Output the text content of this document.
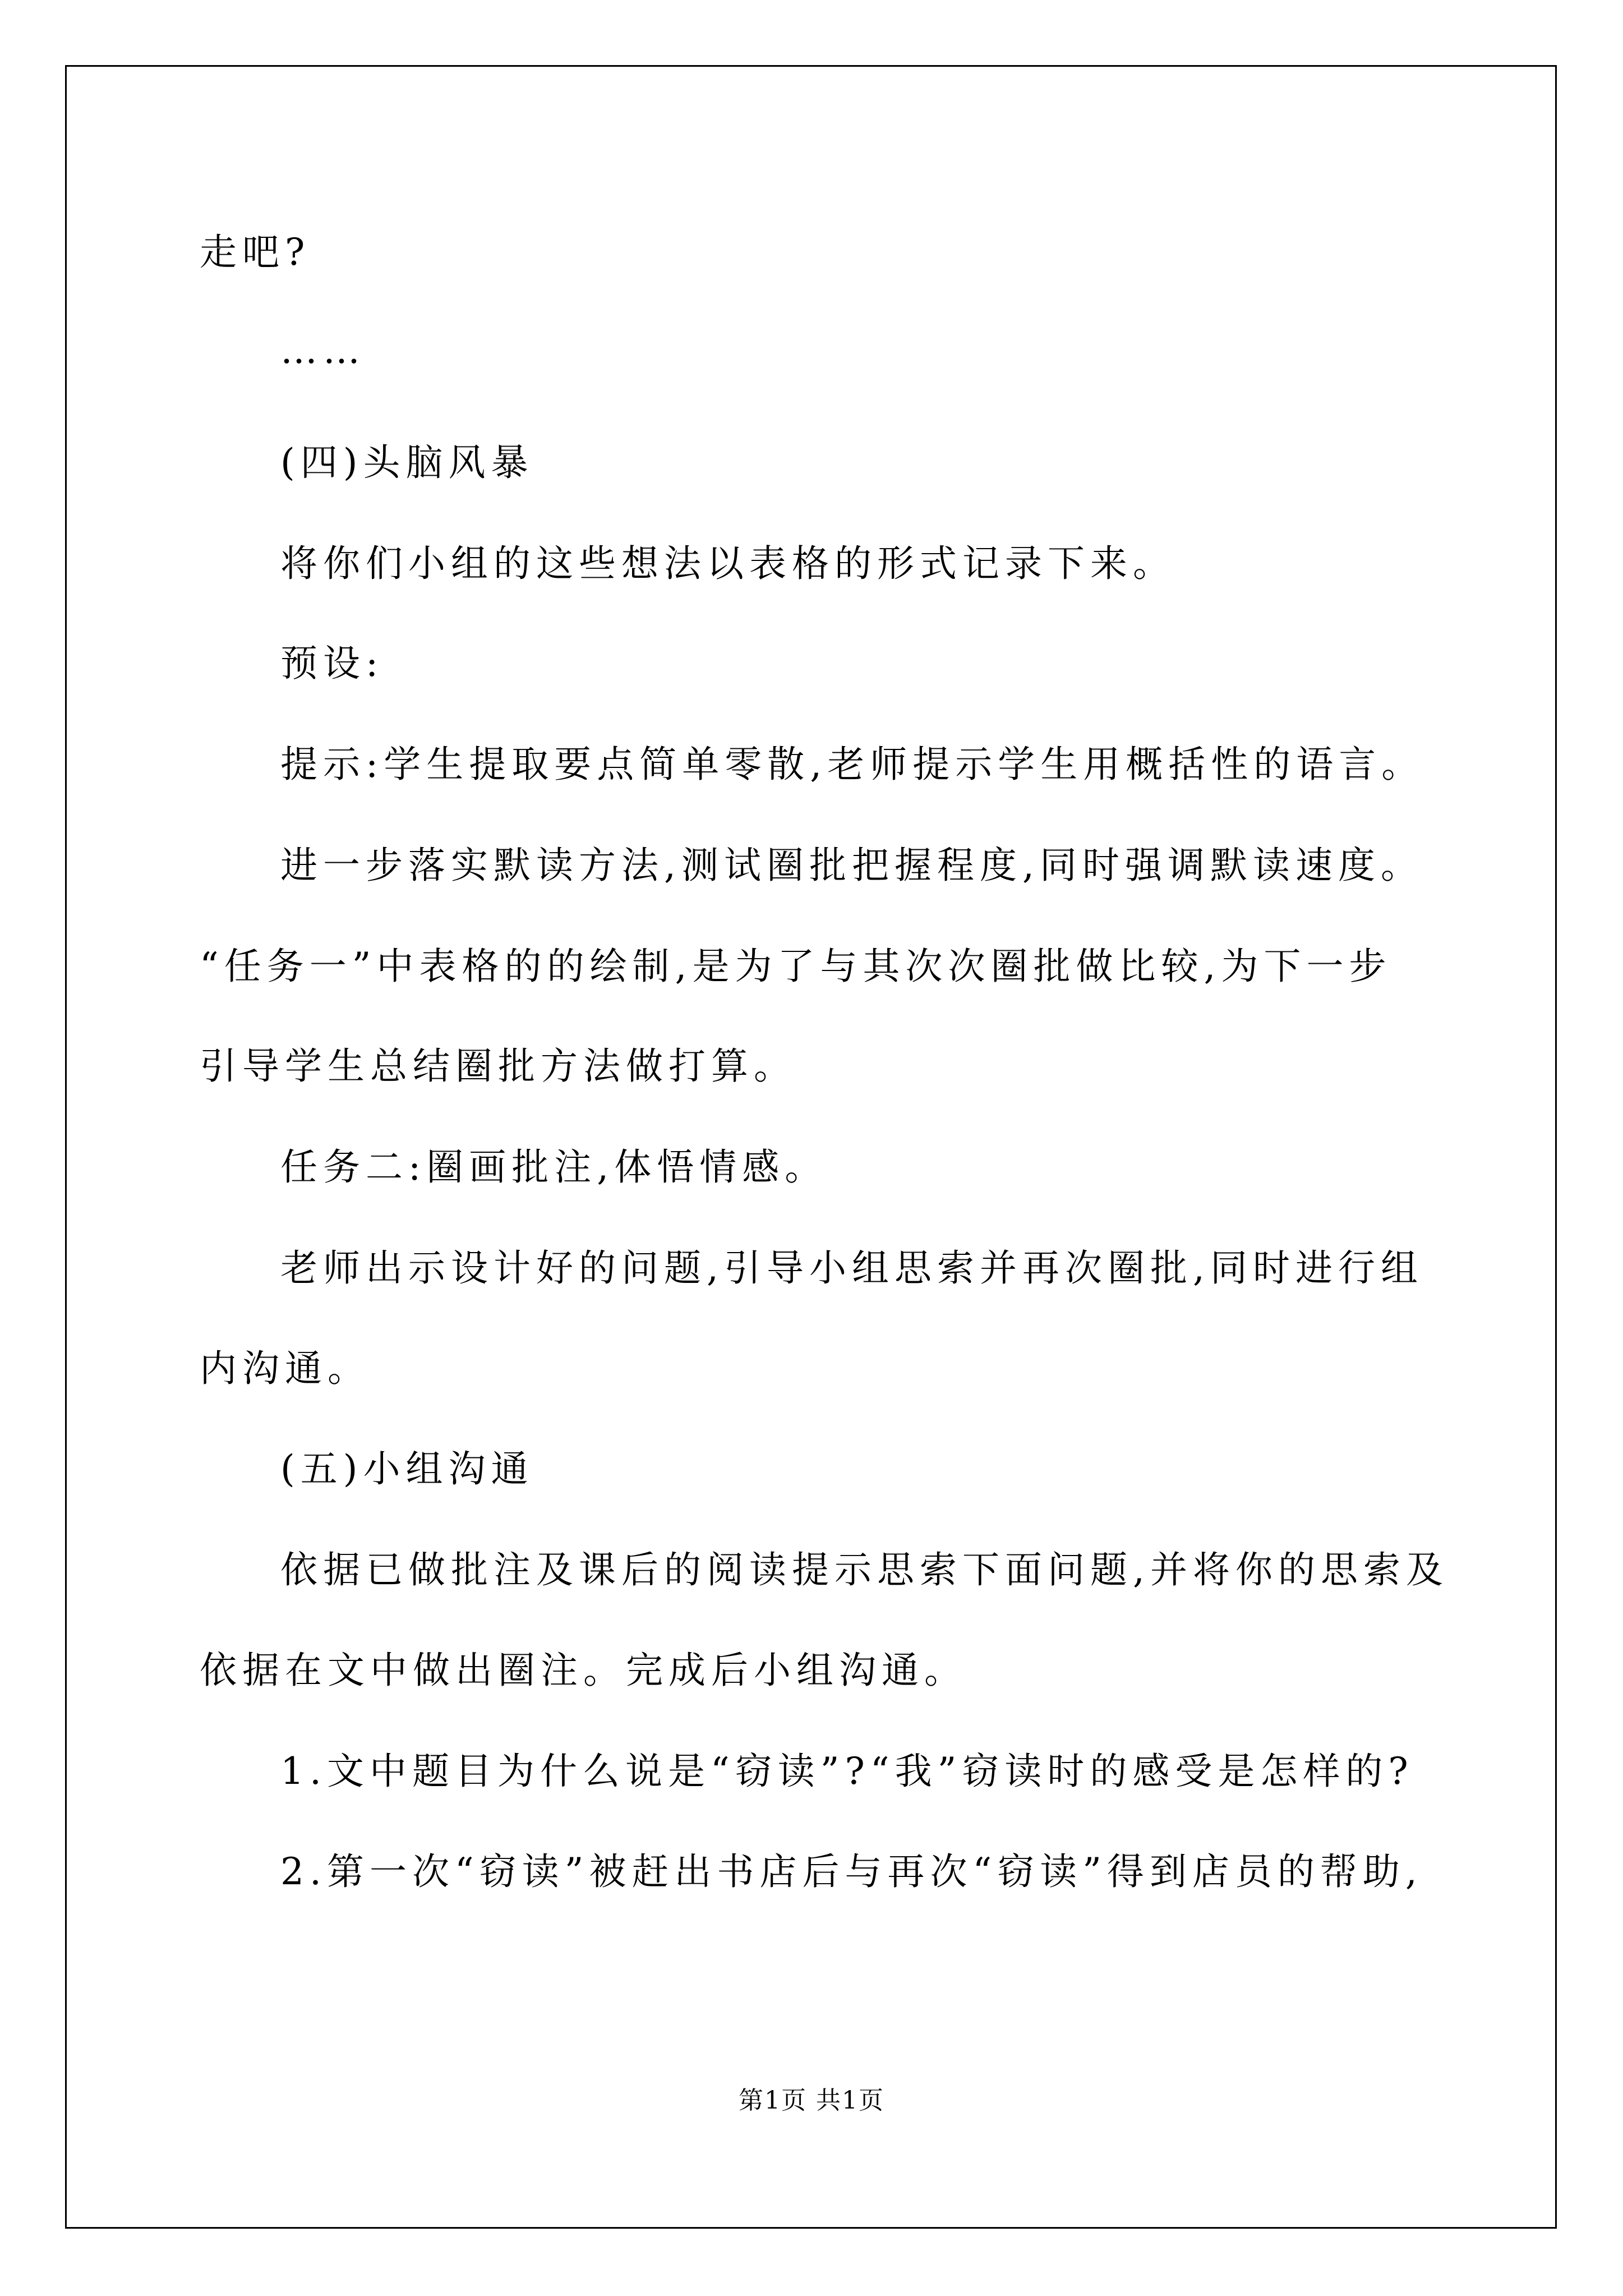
走吧?
……
(四)头脑风暴
将你们小组的这些想法以表格的形式记录下来。
预设:
提示:学生提取要点简单零散,老师提示学生用概括性的语言。
进一步落实默读方法,测试圈批把握程度,同时强调默读速度。
“任务一”中表格的的绘制,是为了与其次次圈批做比较,为下一步
引导学生总结圈批方法做打算。
任务二:圈画批注,体悟情感。
老师出示设计好的问题,引导小组思索并再次圈批,同时进行组
内沟通。
(五)小组沟通
依据已做批注及课后的阅读提示思索下面问题,并将你的思索及
依据在文中做出圈注。完成后小组沟通。
1.文中题目为什么说是“窃读”?“我”窃读时的感受是怎样的?
2.第一次“窃读”被赶出书店后与再次“窃读”得到店员的帮助,
第1页 共1页
